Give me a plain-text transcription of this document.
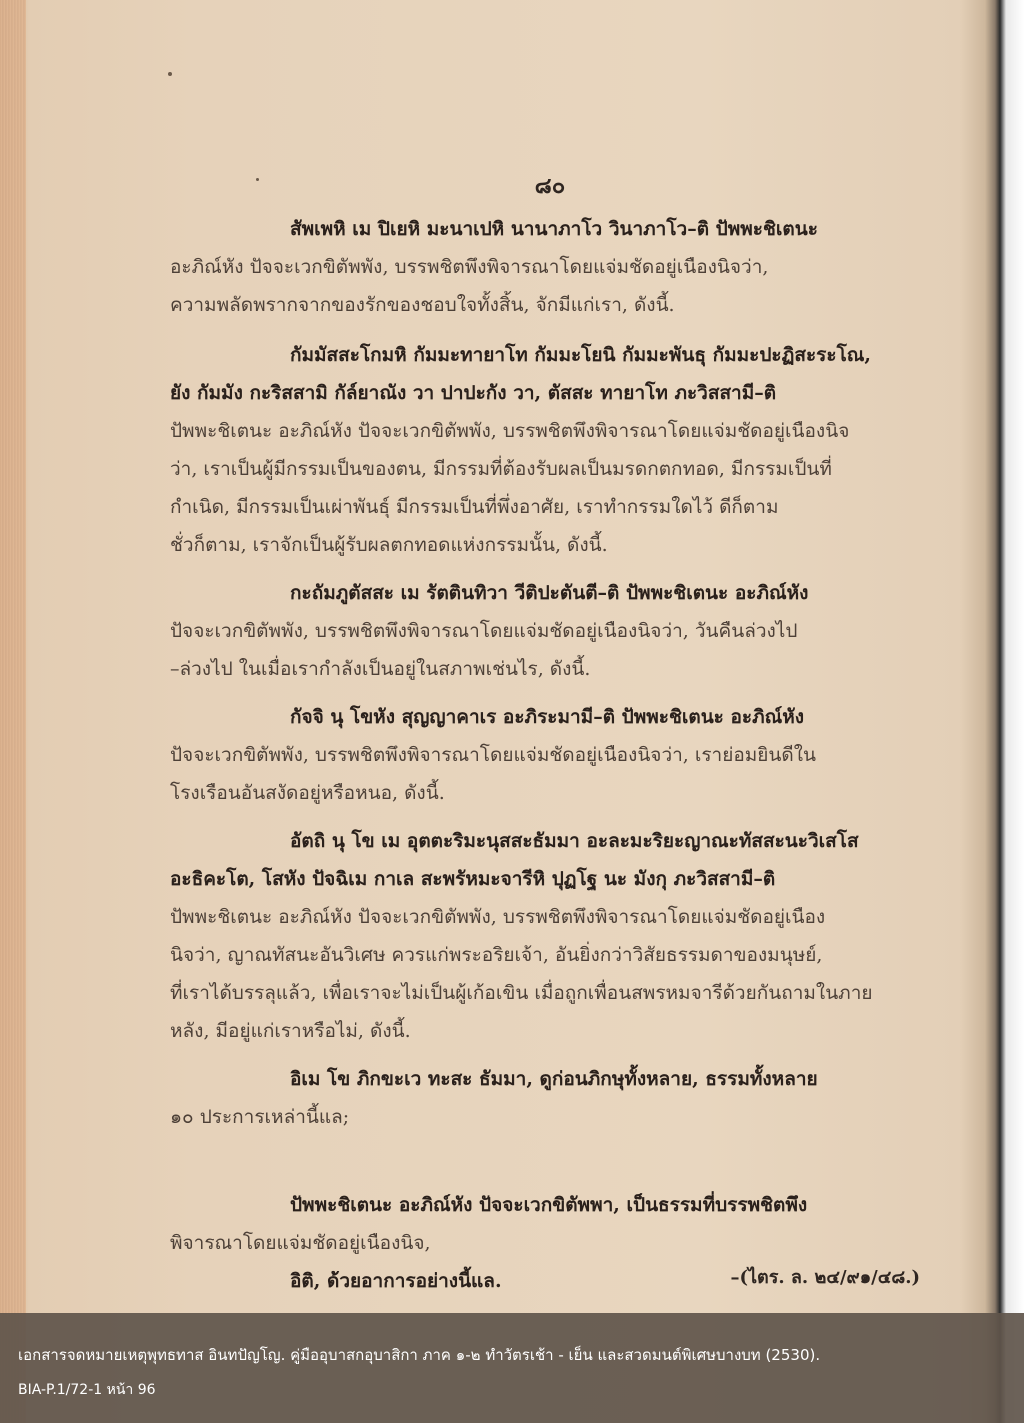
๘๐
สัพเพหิ เม ปิเยหิ มะนาเปหิ นานาภาโว วินาภาโว–ติ ปัพพะชิเตนะ
อะภิณ์หัง ปัจจะเวกขิตัพพัง, บรรพชิตพึงพิจารณาโดยแจ่มชัดอยู่เนืองนิจว่า,
ความพลัดพรากจากของรักของชอบใจทั้งสิ้น, จักมีแก่เรา, ดังนี้.
กัมมัสสะโกมหิ กัมมะทายาโท กัมมะโยนิ กัมมะพันธุ กัมมะปะฏิสะระโณ,
ยัง กัมมัง กะริสสามิ กัล์ยาณัง วา ปาปะกัง วา, ตัสสะ ทายาโท ภะวิสสามี–ติ
ปัพพะชิเตนะ อะภิณ์หัง ปัจจะเวกขิตัพพัง, บรรพชิตพึงพิจารณาโดยแจ่มชัดอยู่เนืองนิจ
ว่า, เราเป็นผู้มีกรรมเป็นของตน, มีกรรมที่ต้องรับผลเป็นมรดกตกทอด, มีกรรมเป็นที่
กำเนิด, มีกรรมเป็นเผ่าพันธุ์ มีกรรมเป็นที่พึ่งอาศัย, เราทำกรรมใดไว้ ดีก็ตาม
ชั่วก็ตาม, เราจักเป็นผู้รับผลตกทอดแห่งกรรมนั้น, ดังนี้.
กะถัมภูตัสสะ เม รัตตินทิวา วีติปะตันตี–ติ ปัพพะชิเตนะ อะภิณ์หัง
ปัจจะเวกขิตัพพัง, บรรพชิตพึงพิจารณาโดยแจ่มชัดอยู่เนืองนิจว่า, วันคืนล่วงไป
–ล่วงไป ในเมื่อเรากำลังเป็นอยู่ในสภาพเช่นไร, ดังนี้.
กัจจิ นุ โขหัง สุญญาคาเร อะภิระมามี–ติ ปัพพะชิเตนะ อะภิณ์หัง
ปัจจะเวกขิตัพพัง, บรรพชิตพึงพิจารณาโดยแจ่มชัดอยู่เนืองนิจว่า, เราย่อมยินดีใน
โรงเรือนอันสงัดอยู่หรือหนอ, ดังนี้.
อัตถิ นุ โข เม อุตตะริมะนุสสะธัมมา อะละมะริยะญาณะทัสสะนะวิเสโส
อะธิคะโต, โสหัง ปัจฉิเม กาเล สะพรัหมะจารีหิ ปุฏโฐ นะ มังกุ ภะวิสสามี–ติ
ปัพพะชิเตนะ อะภิณ์หัง ปัจจะเวกขิตัพพัง, บรรพชิตพึงพิจารณาโดยแจ่มชัดอยู่เนือง
นิจว่า, ญาณทัสนะอันวิเศษ ควรแก่พระอริยเจ้า, อันยิ่งกว่าวิสัยธรรมดาของมนุษย์,
ที่เราได้บรรลุแล้ว, เพื่อเราจะไม่เป็นผู้เก้อเขิน เมื่อถูกเพื่อนสพรหมจารีด้วยกันถามในภาย
หลัง, มีอยู่แก่เราหรือไม่, ดังนี้.
อิเม โข ภิกขะเว ทะสะ ธัมมา, ดูก่อนภิกษุทั้งหลาย, ธรรมทั้งหลาย
๑๐ ประการเหล่านี้แล;
ปัพพะชิเตนะ อะภิณ์หัง ปัจจะเวกขิตัพพา, เป็นธรรมที่บรรพชิตพึง
พิจารณาโดยแจ่มชัดอยู่เนืองนิจ,
อิติ, ด้วยอาการอย่างนี้แล.	–(ไตร. ล. ๒๔/๙๑/๔๘.)
เอกสารจดหมายเหตุพุทธทาส อินทปัญโญ. คู่มืออุบาสกอุบาสิกา ภาค ๑-๒ ทำวัตรเช้า - เย็น และสวดมนต์พิเศษบางบท (2530).
BIA-P.1/72-1 หน้า 96
